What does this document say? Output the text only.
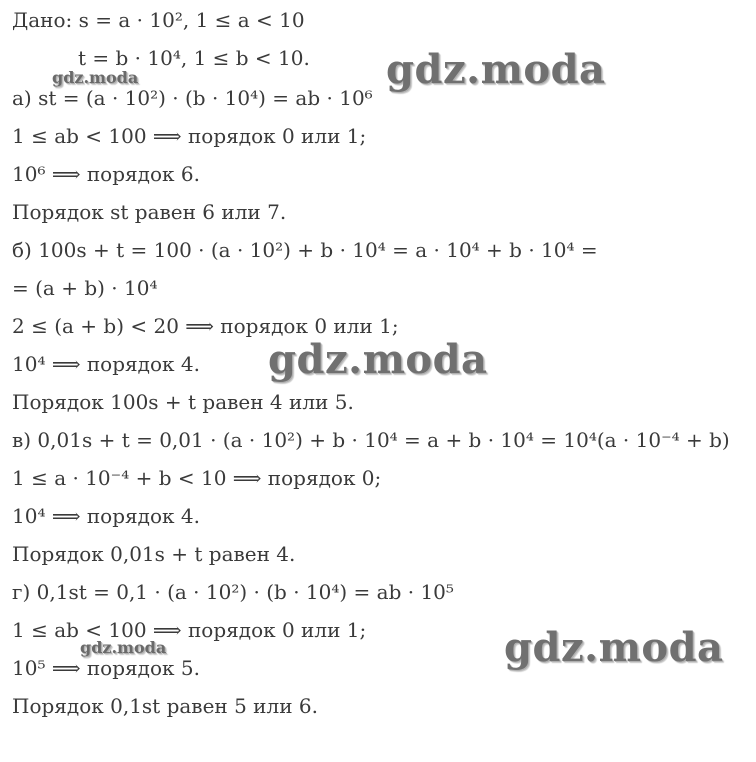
Дано: s = a · 10², 1 ≤ a < 10

t = b · 10⁴, 1 ≤ b < 10.

а) st = (a · 10²) · (b · 10⁴) = ab · 10⁶

1 ≤ ab < 100 ⟹ порядок 0 или 1;

10⁶ ⟹ порядок 6.

Порядок st равен 6 или 7.

б) 100s + t = 100 · (a · 10²) + b · 10⁴ = a · 10⁴ + b · 10⁴ =

= (a + b) · 10⁴

2 ≤ (a + b) < 20 ⟹ порядок 0 или 1;

10⁴ ⟹ порядок 4.

Порядок 100s + t равен 4 или 5.

в) 0,01s + t = 0,01 · (a · 10²) + b · 10⁴ = a + b · 10⁴ = 10⁴(a · 10⁻⁴ + b)

1 ≤ a · 10⁻⁴ + b < 10 ⟹ порядок 0;

10⁴ ⟹ порядок 4.

Порядок 0,01s + t равен 4.

г) 0,1st = 0,1 · (a · 10²) · (b · 10⁴) = ab · 10⁵

1 ≤ ab < 100 ⟹ порядок 0 или 1;

10⁵ ⟹ порядок 5.

Порядок 0,1st равен 5 или 6.

gdz.moda
gdz.moda
gdz.moda
gdz.moda
gdz.moda
